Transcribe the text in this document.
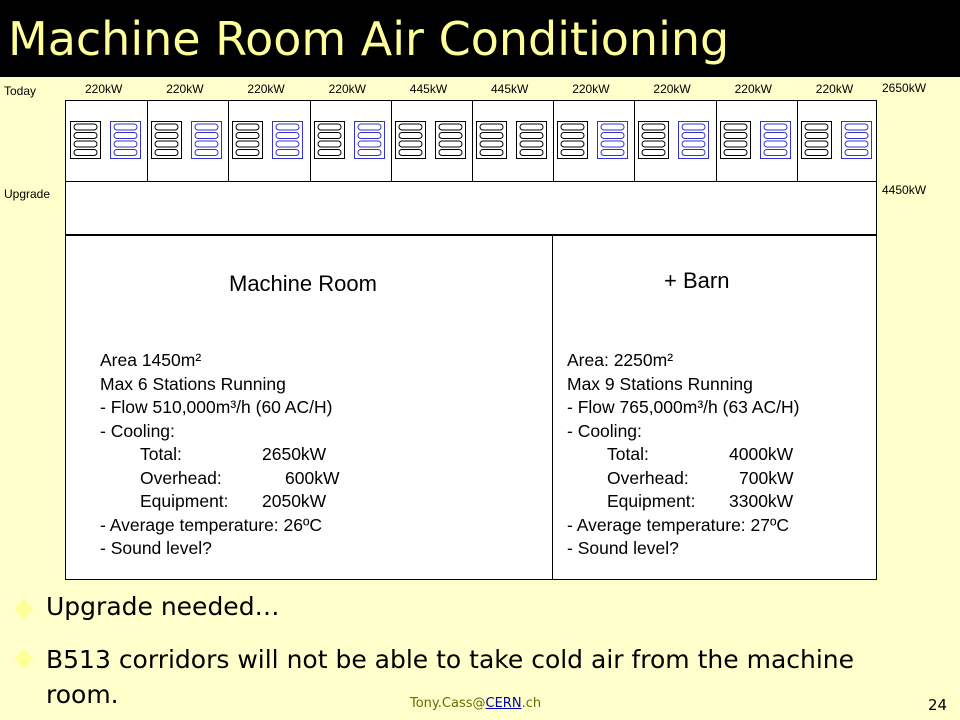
Machine Room Air Conditioning
Today
Upgrade
2650kW
4450kW
220kW	220kW	220kW	220kW	445kW	445kW	220kW	220kW	220kW	220kW
Machine Room	+ Barn
Area 1450m²
Max 6 Stations Running
- Flow 510,000m³/h (60 AC/H)
- Cooling:
Total:	2650kW
Overhead:	600kW
Equipment: 2050kW
- Average temperature: 26ºC
- Sound level?
Area: 2250m²
Max 9 Stations Running
- Flow 765,000m³/h (63 AC/H)
- Cooling:
Total:	4000kW
Overhead:	700kW
Equipment: 3300kW
- Average temperature: 27ºC
- Sound level?
Upgrade needed…
B513 corridors will not be able to take cold air from the machine room.	Tony.Cass@CERN.ch	24
